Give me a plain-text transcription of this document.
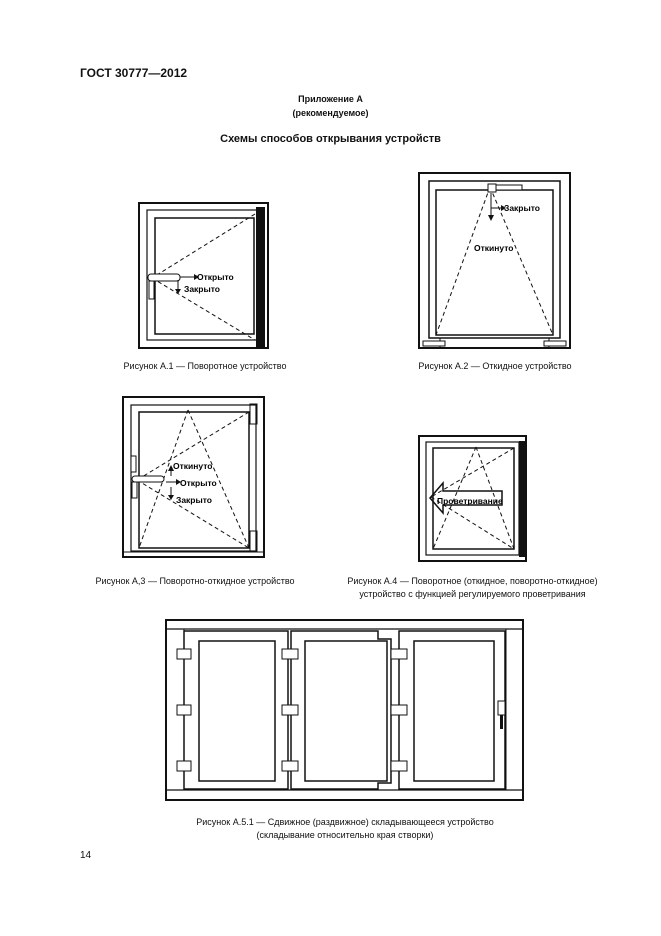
ГОСТ 30777—2012
Приложение А
(рекомендуемое)
Схемы способов открывания устройств
Открыто
Закрыто
Рисунок А.1 — Поворотное устройство
Закрыто
Откинуто
Рисунок А.2 — Откидное устройство
Откинуто
Открыто
Закрыто
Рисунок А,3 — Поворотно-откидное устройство
Проветривание
Рисунок А.4 — Поворотное (откидное, поворотно-откидное)
устройство с функцией регулируемого проветривания
Рисунок А.5.1 — Сдвижное (раздвижное) складывающееся устройство
(складывание относительно края створки)
14
